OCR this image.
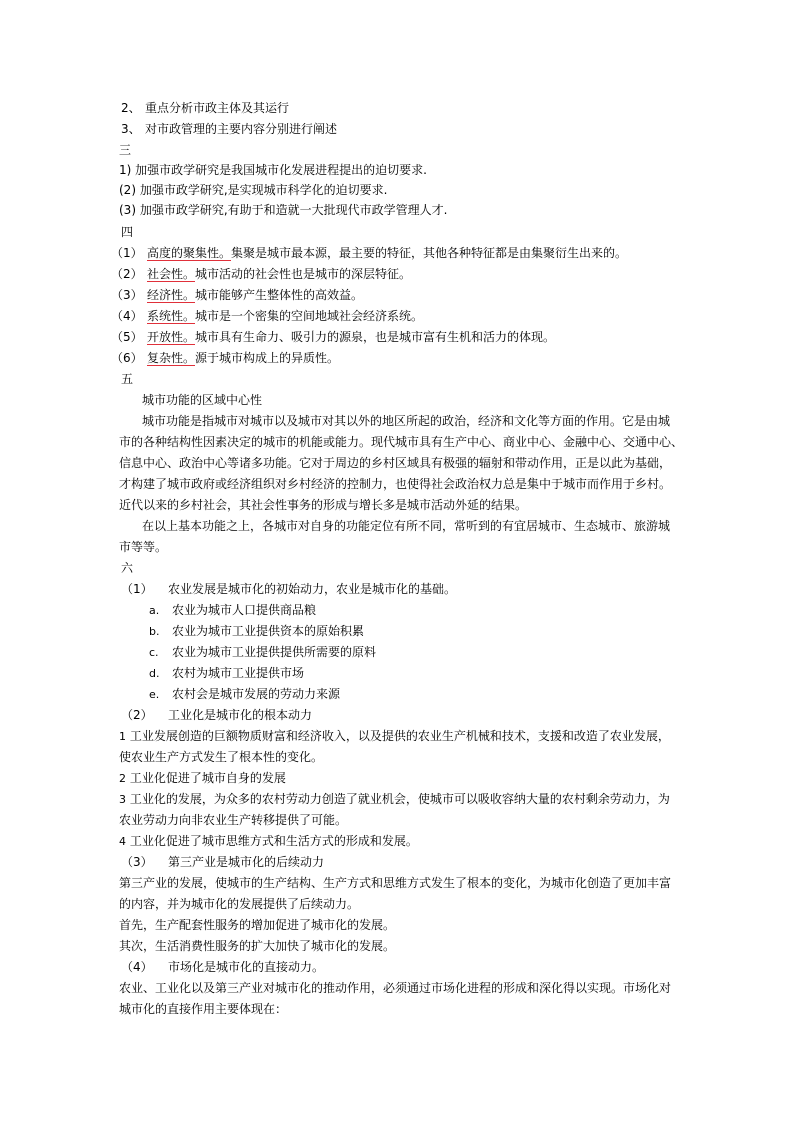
2、 重点分析市政主体及其运行
3、 对市政管理的主要内容分别进行阐述
三
1) 加强市政学研究是我国城市化发展进程提出的迫切要求.
(2) 加强市政学研究,是实现城市科学化的迫切要求.
(3) 加强市政学研究,有助于和造就一大批现代市政学管理人才.
四
（1） 高度的聚集性。集聚是城市最本源，最主要的特征，其他各种特征都是由集聚衍生出来的。
（2） 社会性。城市活动的社会性也是城市的深层特征。
（3） 经济性。城市能够产生整体性的高效益。
（4） 系统性。城市是一个密集的空间地域社会经济系统。
（5） 开放性。城市具有生命力、吸引力的源泉，也是城市富有生机和活力的体现。
（6） 复杂性。源于城市构成上的异质性。
五
城市功能的区域中心性
城市功能是指城市对城市以及城市对其以外的地区所起的政治，经济和文化等方面的作用。它是由城
市的各种结构性因素决定的城市的机能或能力。现代城市具有生产中心、商业中心、金融中心、交通中心、
信息中心、政治中心等诸多功能。它对于周边的乡村区域具有极强的辐射和带动作用，正是以此为基础，
才构建了城市政府或经济组织对乡村经济的控制力，也使得社会政治权力总是集中于城市而作用于乡村。
近代以来的乡村社会，其社会性事务的形成与增长多是城市活动外延的结果。
在以上基本功能之上，各城市对自身的功能定位有所不同，常听到的有宜居城市、生态城市、旅游城
市等等。
六
（1） 农业发展是城市化的初始动力，农业是城市化的基础。
a. 农业为城市人口提供商品粮
b. 农业为城市工业提供资本的原始积累
c. 农业为城市工业提供提供所需要的原料
d. 农村为城市工业提供市场
e. 农村会是城市发展的劳动力来源
（2） 工业化是城市化的根本动力
1 工业发展创造的巨额物质财富和经济收入，以及提供的农业生产机械和技术，支援和改造了农业发展，
使农业生产方式发生了根本性的变化。
2 工业化促进了城市自身的发展
3 工业化的发展，为众多的农村劳动力创造了就业机会，使城市可以吸收容纳大量的农村剩余劳动力，为
农业劳动力向非农业生产转移提供了可能。
4 工业化促进了城市思维方式和生活方式的形成和发展。
（3） 第三产业是城市化的后续动力
第三产业的发展，使城市的生产结构、生产方式和思维方式发生了根本的变化，为城市化创造了更加丰富
的内容，并为城市化的发展提供了后续动力。
首先，生产配套性服务的增加促进了城市化的发展。
其次，生活消费性服务的扩大加快了城市化的发展。
（4） 市场化是城市化的直接动力。
农业、工业化以及第三产业对城市化的推动作用，必须通过市场化进程的形成和深化得以实现。市场化对
城市化的直接作用主要体现在：
